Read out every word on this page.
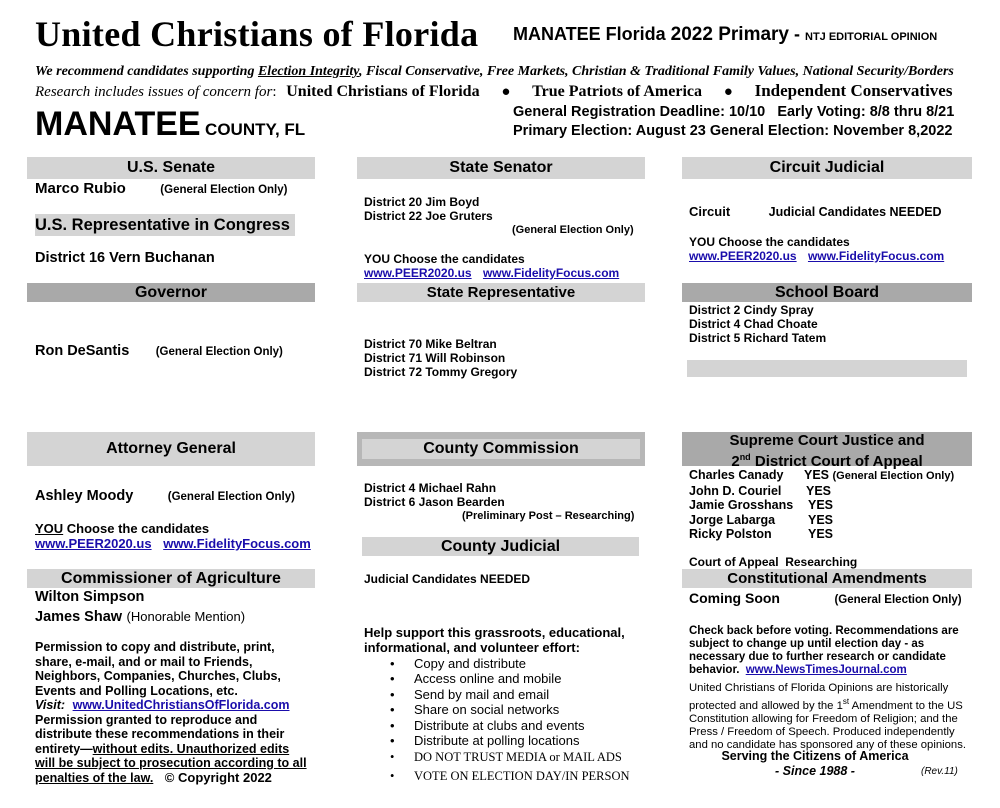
United Christians of Florida MANATEE Florida 2022 Primary - NTJ EDITORIAL OPINION
We recommend candidates supporting Election Integrity, Fiscal Conservative, Free Markets, Christian & Traditional Family Values, National Security/Borders
Research includes issues of concern for: United Christians of Florida ● True Patriots of America ● Independent Conservatives
MANATEE COUNTY, FL
General Registration Deadline: 10/10   Early Voting: 8/8 thru 8/21
Primary Election: August 23 General Election: November 8,2022
U.S. Senate
Marco Rubio	(General Election Only)
U.S. Representative in Congress
District 16 Vern Buchanan
Governor
Ron DeSantis (General Election Only)
Attorney General
Ashley Moody	(General Election Only)
YOU Choose the candidates
www.PEER2020.us www.FidelityFocus.com
Commissioner of Agriculture
Wilton Simpson
James Shaw (Honorable Mention)
Permission to copy and distribute, print, share, e-mail, and or mail to Friends, Neighbors, Companies, Churches, Clubs, Events and Polling Locations, etc.
Visit: www.UnitedChristiansOfFlorida.com
Permission granted to reproduce and distribute these recommendations in their entirety—without edits. Unauthorized edits will be subject to prosecution according to all penalties of the law. © Copyright 2022
State Senator
District 20 Jim Boyd
District 22 Joe Gruters
(General Election Only)
YOU Choose the candidates
www.PEER2020.us www.FidelityFocus.com
State Representative
District 70 Mike Beltran
District 71 Will Robinson
District 72 Tommy Gregory
County Commission
District 4 Michael Rahn
District 6 Jason Bearden
(Preliminary Post – Researching)
County Judicial
Judicial Candidates NEEDED
Help support this grassroots, educational, informational, and volunteer effort:
• Copy and distribute
• Access online and mobile
• Send by mail and email
• Share on social networks
• Distribute at clubs and events
• Distribute at polling locations
• DO NOT TRUST MEDIA or MAIL ADS
• VOTE ON ELECTION DAY/IN PERSON
Circuit Judicial
Circuit	Judicial Candidates NEEDED
YOU Choose the candidates
www.PEER2020.us www.FidelityFocus.com
School Board
District 2 Cindy Spray
District 4 Chad Choate
District 5 Richard Tatem
Supreme Court Justice and
2nd District Court of Appeal
Charles Canady YES (General Election Only)
John D. Couriel YES
Jamie Grosshans YES
Jorge Labarga	YES
Ricky Polston	YES
Court of Appeal  Researching
Constitutional Amendments
Coming Soon	(General Election Only)
Check back before voting. Recommendations are subject to change up until election day - as necessary due to further research or candidate behavior. www.NewsTimesJournal.com
United Christians of Florida Opinions are historically protected and allowed by the 1st Amendment to the US Constitution allowing for Freedom of Religion; and the Press / Freedom of Speech. Produced independently and no candidate has sponsored any of these opinions.
Serving the Citizens of America
- Since 1988 -	(Rev.11)
